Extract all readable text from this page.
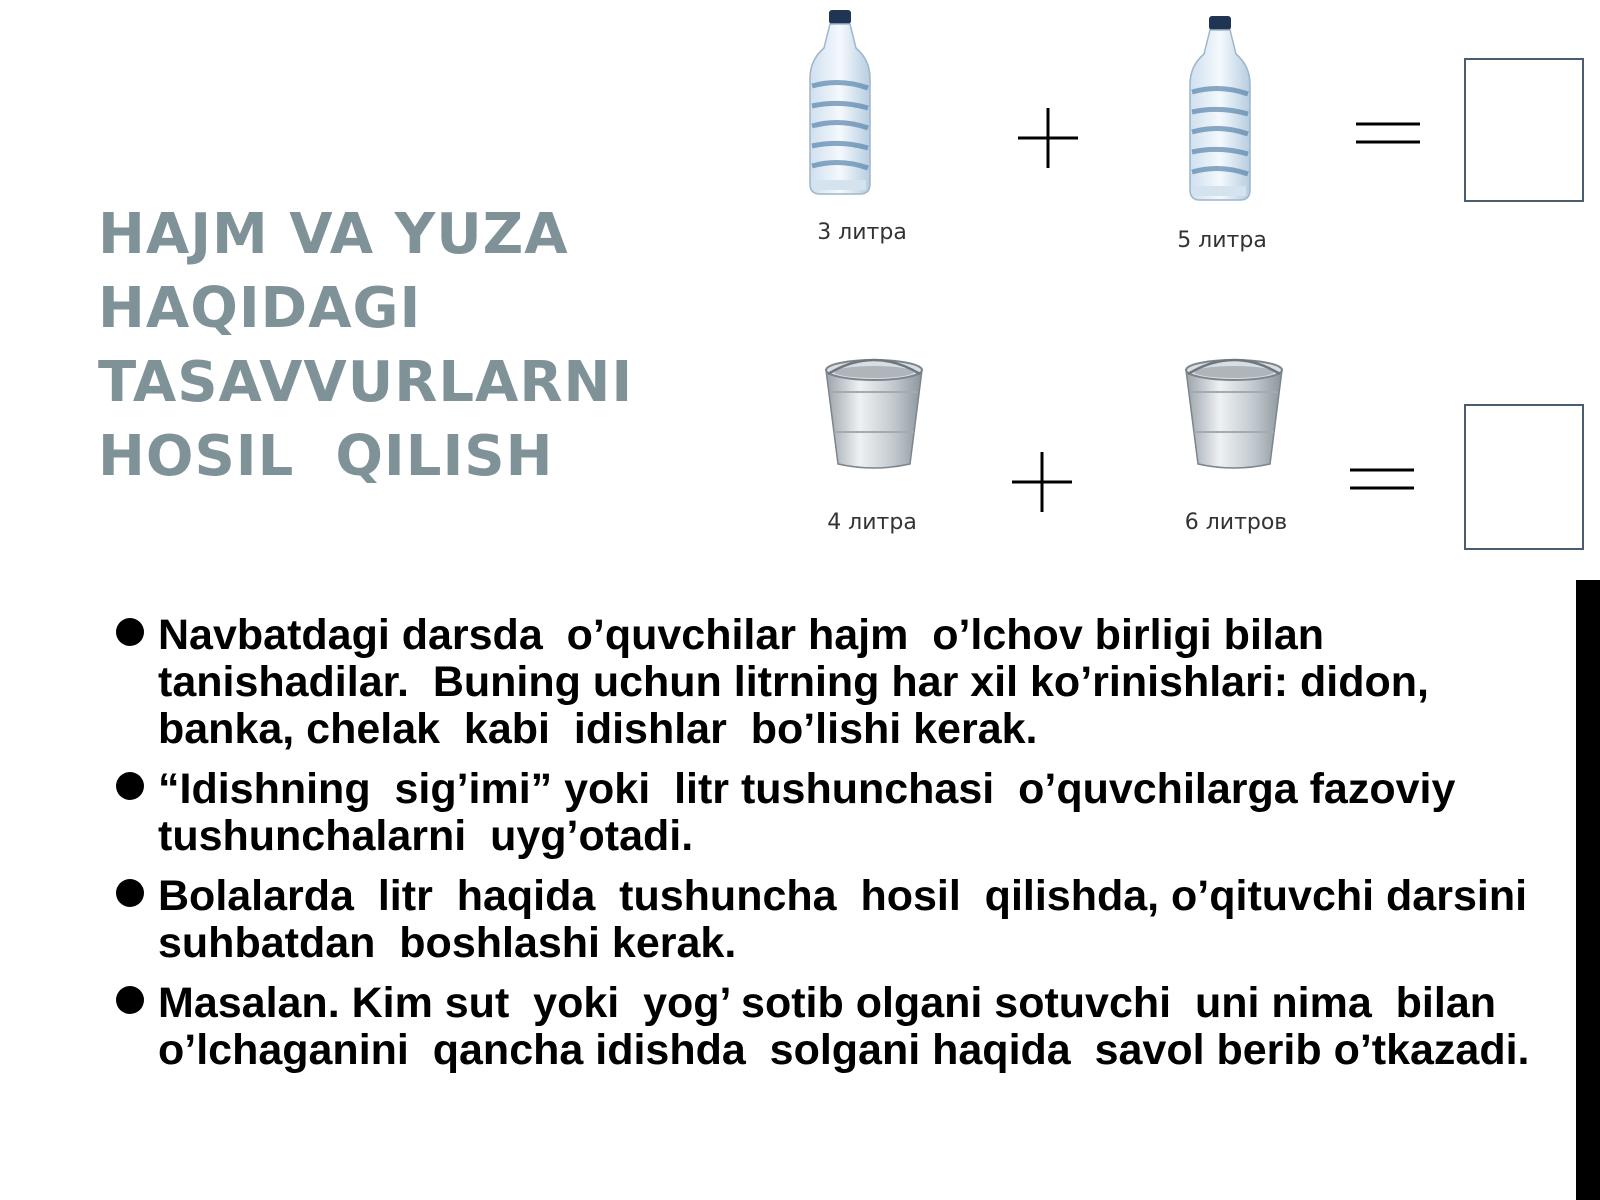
HAJM VA YUZA
HAQIDAGI
TASAVVURLARNI
HOSIL  QILISH
3 литра	5 литра
4 литра	6 литров
Navbatdagi darsda  o’quvchilar hajm  o’lchov birligi bilan tanishadilar.  Buning uchun litrning har xil ko’rinishlari: didon, banka, chelak  kabi  idishlar  bo’lishi kerak.
“Idishning  sig’imi” yoki  litr tushunchasi  o’quvchilarga fazoviy tushunchalarni  uyg’otadi.
Bolalarda  litr  haqida  tushuncha  hosil  qilishda, o’qituvchi darsini  suhbatdan  boshlashi kerak.
Masalan. Kim sut  yoki  yog’ sotib olgani sotuvchi  uni nima  bilan o’lchaganini  qancha idishda  solgani haqida  savol berib o’tkazadi.
